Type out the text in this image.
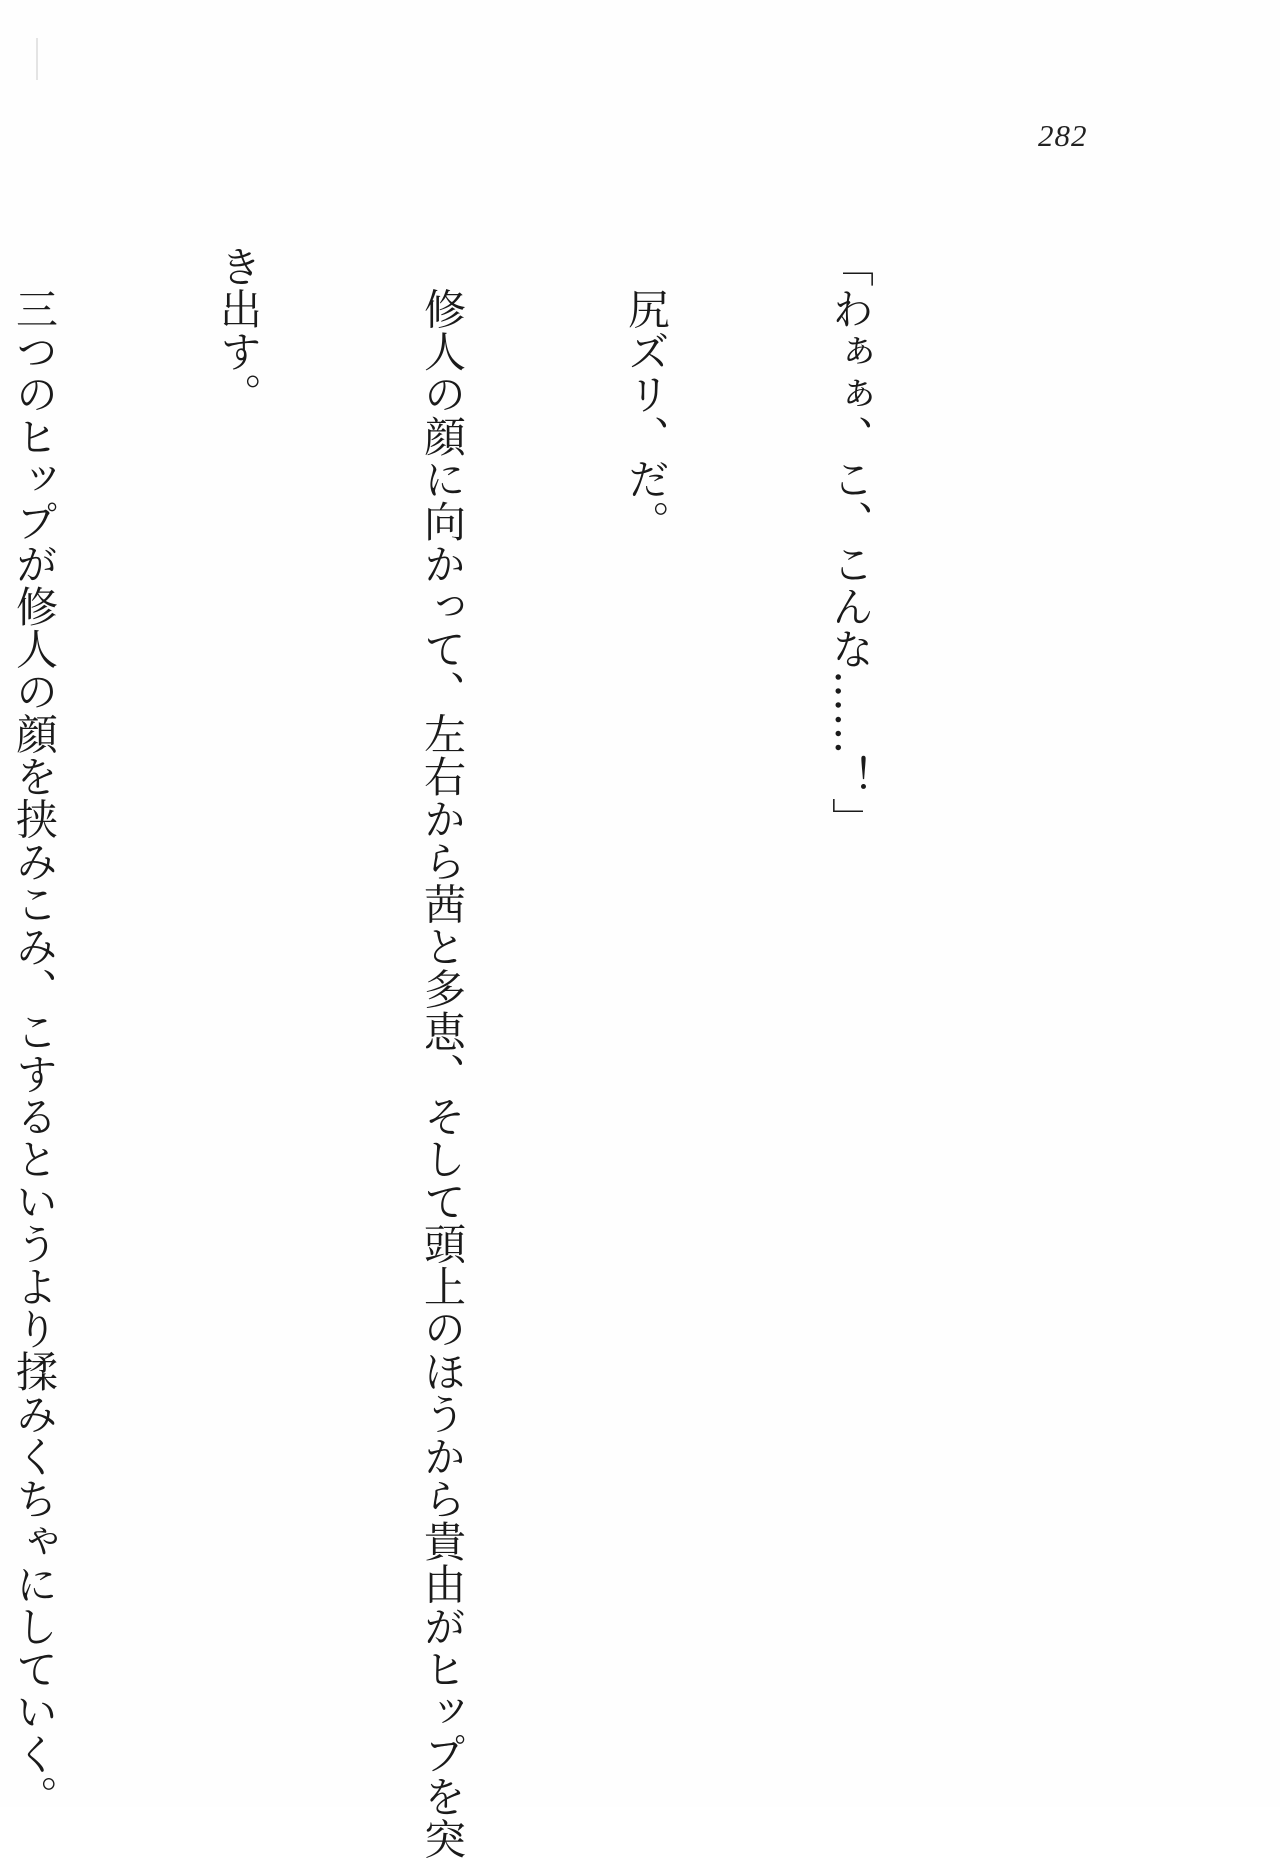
282

「わぁぁ、こ、こんな……！」

　尻ズリ、だ。

　修人の顔に向かって、左右から茜と多恵、そして頭上のほうから貴由がヒップを突

き出す。

　三つのヒップが修人の顔を挟みこみ、こするというより揉みくちゃにしていく。
